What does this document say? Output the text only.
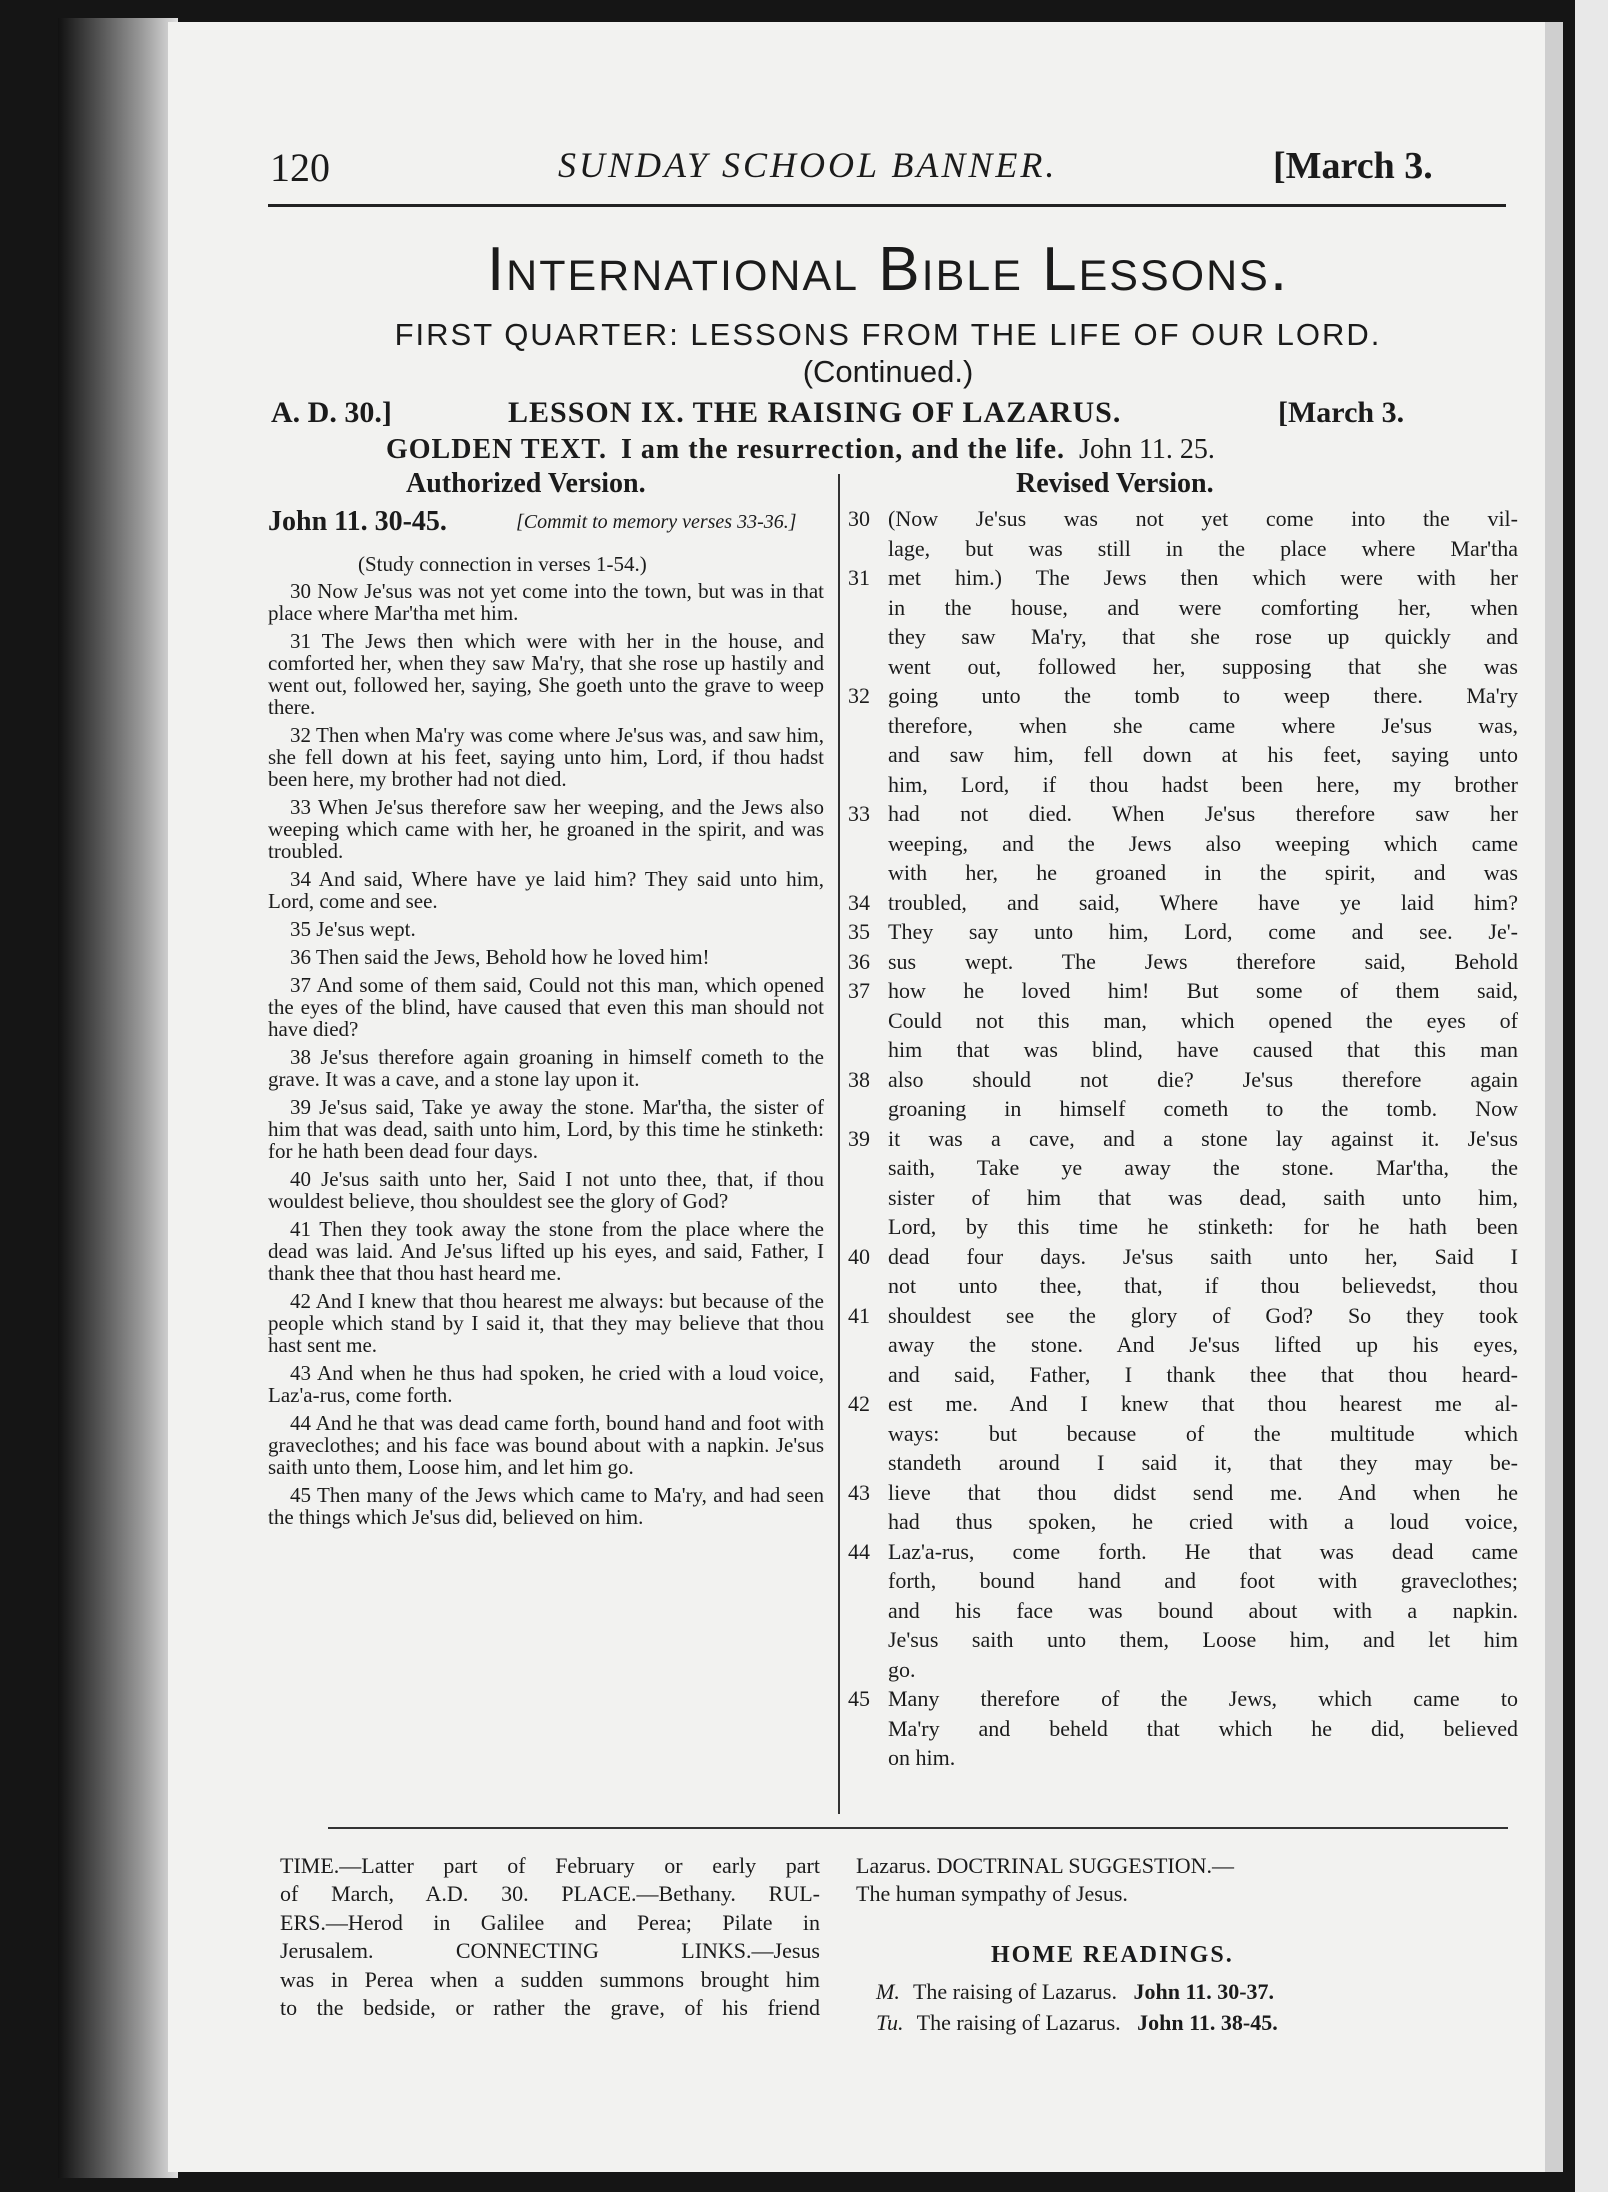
120	SUNDAY SCHOOL BANNER.	[March 3.
International Bible Lessons.
FIRST QUARTER: LESSONS FROM THE LIFE OF OUR LORD.
(Continued.)
A. D. 30.]	LESSON IX. THE RAISING OF LAZARUS.	[March 3.
GOLDEN TEXT. I am the resurrection, and the life. John 11. 25.
Authorized Version.	Revised Version.
John 11. 30-45.	[Commit to memory verses 33-36.]
(Study connection in verses 1-54.)

30 Now Je'sus was not yet come into the town, but was in that place where Mar'tha met him.

31 The Jews then which were with her in the house, and comforted her, when they saw Ma'ry, that she rose up hastily and went out, followed her, saying, She goeth unto the grave to weep there.

32 Then when Ma'ry was come where Je'sus was, and saw him, she fell down at his feet, saying unto him, Lord, if thou hadst been here, my brother had not died.

33 When Je'sus therefore saw her weeping, and the Jews also weeping which came with her, he groaned in the spirit, and was troubled.

34 And said, Where have ye laid him? They said unto him, Lord, come and see.

35 Je'sus wept.

36 Then said the Jews, Behold how he loved him!

37 And some of them said, Could not this man, which opened the eyes of the blind, have caused that even this man should not have died?

38 Je'sus therefore again groaning in himself cometh to the grave. It was a cave, and a stone lay upon it.

39 Je'sus said, Take ye away the stone. Mar'tha, the sister of him that was dead, saith unto him, Lord, by this time he stinketh: for he hath been dead four days.

40 Je'sus saith unto her, Said I not unto thee, that, if thou wouldest believe, thou shouldest see the glory of God?

41 Then they took away the stone from the place where the dead was laid. And Je'sus lifted up his eyes, and said, Father, I thank thee that thou hast heard me.

42 And I knew that thou hearest me always: but because of the people which stand by I said it, that they may believe that thou hast sent me.

43 And when he thus had spoken, he cried with a loud voice, Laz'a-rus, come forth.

44 And he that was dead came forth, bound hand and foot with graveclothes; and his face was bound about with a napkin. Je'sus saith unto them, Loose him, and let him go.

45 Then many of the Jews which came to Ma'ry, and had seen the things which Je'sus did, believed on him.

30 (Now Je'sus was not yet come into the vil-
lage, but was still in the place where Mar'tha
31 met him.) The Jews then which were with her
in the house, and were comforting her, when
they saw Ma'ry, that she rose up quickly and
went out, followed her, supposing that she was
32 going unto the tomb to weep there. Ma'ry
therefore, when she came where Je'sus was,
and saw him, fell down at his feet, saying unto
him, Lord, if thou hadst been here, my brother
33 had not died. When Je'sus therefore saw her
weeping, and the Jews also weeping which came
with her, he groaned in the spirit, and was
34 troubled, and said, Where have ye laid him?
35 They say unto him, Lord, come and see. Je'-
36 sus wept. The Jews therefore said, Behold
37 how he loved him! But some of them said,
Could not this man, which opened the eyes of
him that was blind, have caused that this man
38 also should not die? Je'sus therefore again
groaning in himself cometh to the tomb. Now
39 it was a cave, and a stone lay against it. Je'sus
saith, Take ye away the stone. Mar'tha, the
sister of him that was dead, saith unto him,
Lord, by this time he stinketh: for he hath been
40 dead four days. Je'sus saith unto her, Said I
not unto thee, that, if thou believedst, thou
41 shouldest see the glory of God? So they took
away the stone. And Je'sus lifted up his eyes,
and said, Father, I thank thee that thou heard-
42 est me. And I knew that thou hearest me al-
ways: but because of the multitude which
standeth around I said it, that they may be-
43 lieve that thou didst send me. And when he
had thus spoken, he cried with a loud voice,
44 Laz'a-rus, come forth. He that was dead came
forth, bound hand and foot with graveclothes;
and his face was bound about with a napkin.
Je'sus saith unto them, Loose him, and let him
go.
45 Many therefore of the Jews, which came to
Ma'ry and beheld that which he did, believed
on him.
TIME.—Latter part of February or early part
of March, A.D. 30. PLACE.—Bethany. RUL-
ERS.—Herod in Galilee and Perea; Pilate in
Jerusalem. CONNECTING LINKS.—Jesus
was in Perea when a sudden summons brought him
to the bedside, or rather the grave, of his friend
Lazarus. DOCTRINAL SUGGESTION.—
The human sympathy of Jesus.
HOME READINGS.
M. The raising of Lazarus. John 11. 30-37.
Tu. The raising of Lazarus. John 11. 38-45.
